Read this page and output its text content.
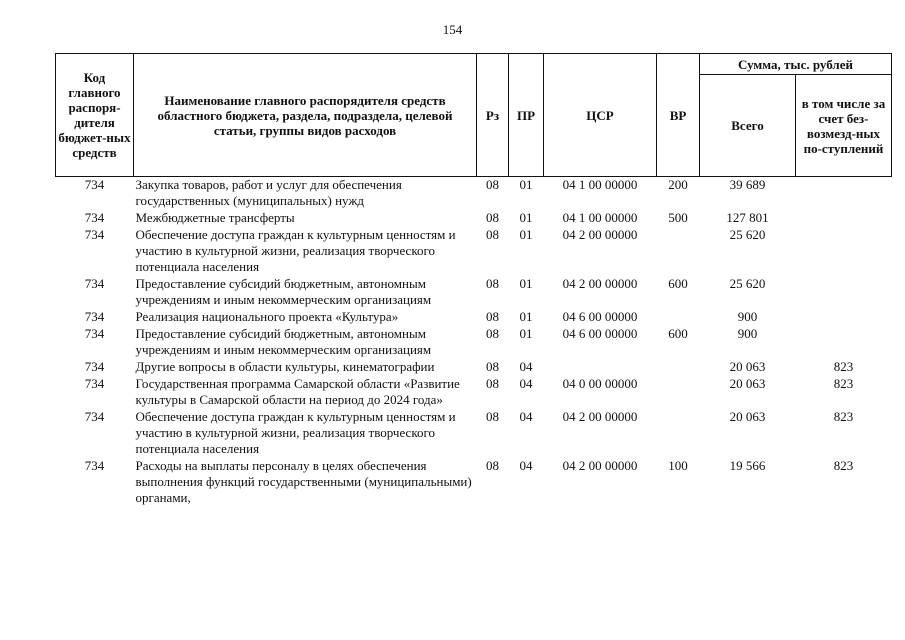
154
Код главного распоря-дителя бюджет-ных средств	Наименование главного распорядителя средств областного бюджета, раздела, подраздела, целевой статьи, группы видов расходов	Рз	ПР	ЦСР	ВР	Сумма, тыс. рублей	
						Всего	в том числе за счет без-возмезд-ных по-ступлений
734	Закупка товаров, работ и услуг для обеспечения государственных (муниципальных) нужд	08	01	04 1 00 00000	200	39 689	
734	Межбюджетные трансферты	08	01	04 1 00 00000	500	127 801	
734	Обеспечение доступа граждан к культурным ценностям и участию в культурной жизни, реализация творческого потенциала населения	08	01	04 2 00 00000		25 620	
734	Предоставление субсидий бюджетным, автономным учреждениям и иным некоммерческим организациям	08	01	04 2 00 00000	600	25 620	
734	Реализация национального проекта «Культура»	08	01	04 6 00 00000		900	
734	Предоставление субсидий бюджетным, автономным учреждениям и иным некоммерческим организациям	08	01	04 6 00 00000	600	900	
734	Другие вопросы в области культуры, кинематографии	08	04			20 063	823
734	Государственная программа Самарской области «Развитие культуры в Самарской области на период до 2024 года»	08	04	04 0 00 00000		20 063	823
734	Обеспечение доступа граждан к культурным ценностям и участию в культурной жизни, реализация творческого потенциала населения	08	04	04 2 00 00000		20 063	823
734	Расходы на выплаты персоналу в целях обеспечения выполнения функций государственными (муниципальными) органами,	08	04	04 2 00 00000	100	19 566	823
